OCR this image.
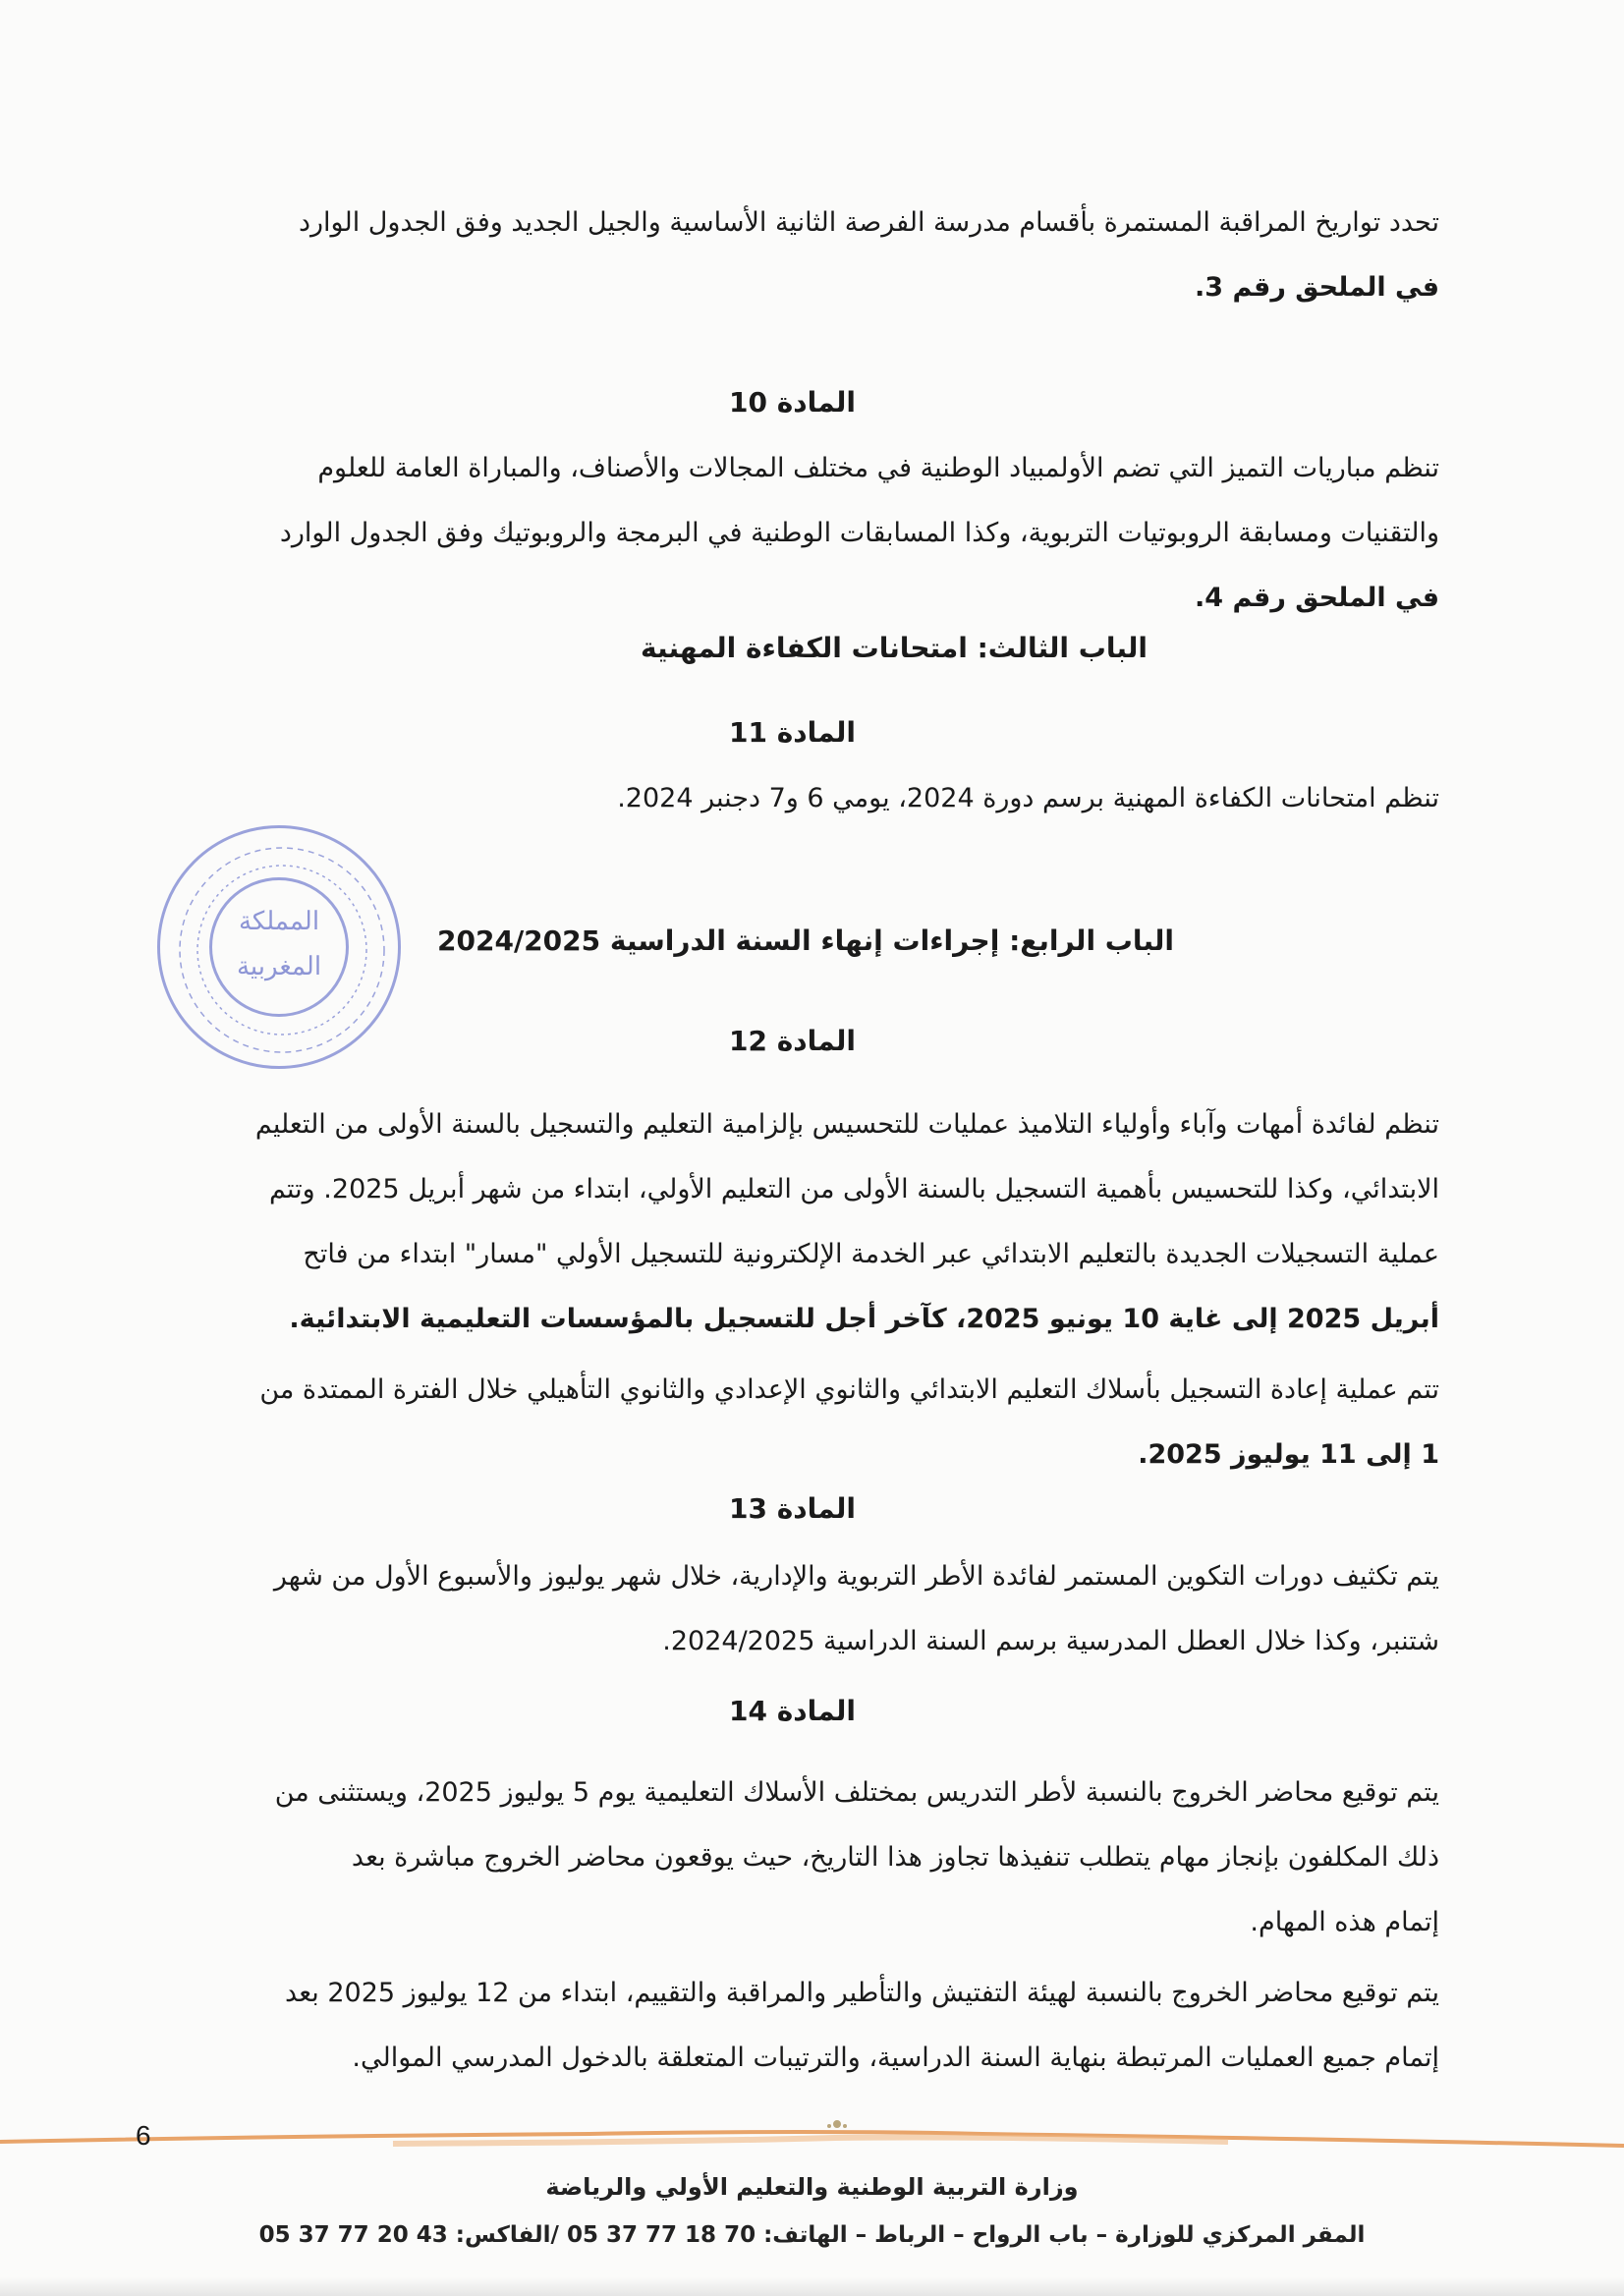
تحدد تواريخ المراقبة المستمرة بأقسام مدرسة الفرصة الثانية الأساسية والجيل الجديد وفق الجدول الوارد
في الملحق رقم 3.
المادة 10
تنظم مباريات التميز التي تضم الأولمبياد الوطنية في مختلف المجالات والأصناف، والمباراة العامة للعلوم
والتقنيات ومسابقة الروبوتيات التربوية، وكذا المسابقات الوطنية في البرمجة والروبوتيك وفق الجدول الوارد
في الملحق رقم 4.
الباب الثالث: امتحانات الكفاءة المهنية
المادة 11
تنظم امتحانات الكفاءة المهنية برسم دورة 2024، يومي 6 و7 دجنبر 2024.
المملكة
المغربية
الباب الرابع: إجراءات إنهاء السنة الدراسية 2024/2025
المادة 12
تنظم لفائدة أمهات وآباء وأولياء التلاميذ عمليات للتحسيس بإلزامية التعليم والتسجيل بالسنة الأولى من التعليم
الابتدائي، وكذا للتحسيس بأهمية التسجيل بالسنة الأولى من التعليم الأولي، ابتداء من شهر أبريل 2025. وتتم
عملية التسجيلات الجديدة بالتعليم الابتدائي عبر الخدمة الإلكترونية للتسجيل الأولي "مسار" ابتداء من فاتح
أبريل 2025 إلى غاية 10 يونيو 2025، كآخر أجل للتسجيل بالمؤسسات التعليمية الابتدائية.
تتم عملية إعادة التسجيل بأسلاك التعليم الابتدائي والثانوي الإعدادي والثانوي التأهيلي خلال الفترة الممتدة من
1 إلى 11 يوليوز 2025.
المادة 13
يتم تكثيف دورات التكوين المستمر لفائدة الأطر التربوية والإدارية، خلال شهر يوليوز والأسبوع الأول من شهر
شتنبر، وكذا خلال العطل المدرسية برسم السنة الدراسية 2024/2025.
المادة 14
يتم توقيع محاضر الخروج بالنسبة لأطر التدريس بمختلف الأسلاك التعليمية يوم 5 يوليوز 2025، ويستثنى من
ذلك المكلفون بإنجاز مهام يتطلب تنفيذها تجاوز هذا التاريخ، حيث يوقعون محاضر الخروج مباشرة بعد
إتمام هذه المهام.
يتم توقيع محاضر الخروج بالنسبة لهيئة التفتيش والتأطير والمراقبة والتقييم، ابتداء من 12 يوليوز 2025 بعد
إتمام جميع العمليات المرتبطة بنهاية السنة الدراسية، والترتيبات المتعلقة بالدخول المدرسي الموالي.
6
وزارة التربية الوطنية والتعليم الأولي والرياضة
المقر المركزي للوزارة – باب الرواح – الرباط – الهاتف: 70 18 77 37 05 /الفاكس: 43 20 77 37 05
